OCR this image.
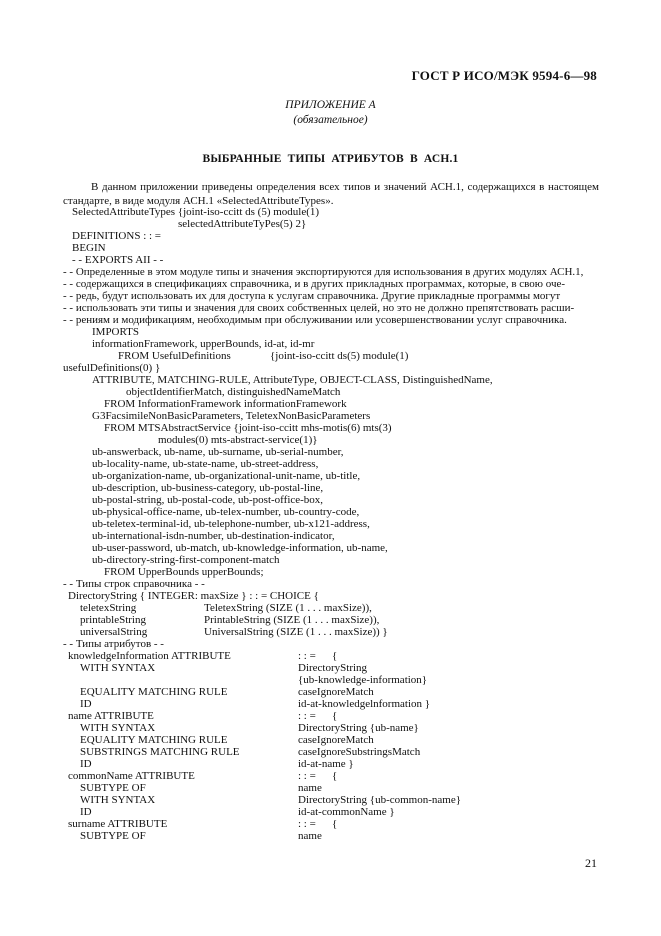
ГОСТ Р ИСО/МЭК 9594-6—98
ПРИЛОЖЕНИЕ А
(обязательное)
ВЫБРАННЫЕ ТИПЫ АТРИБУТОВ В АСН.1

В данном приложении приведены определения всех типов и значений АСН.1, содержащихся в настоящем стандарте, в виде модуля АСН.1 «SelectedAttributeTypes».

SelectedAttributeTypes {joint-iso-ccitt ds (5) module(1)
selectedAttributeTyPes(5) 2}
DEFINITIONS : : =
BEGIN
- - EXPORTS AII - -
- - Определенные в этом модуле типы и значения экспортируются для использования в других модулях АСН.1,
- - содержащихся в спецификациях справочника, и в других прикладных программах, которые, в свою оче-
- - редь, будут использовать их для доступа к услугам справочника. Другие прикладные программы могут
- - использовать эти типы и значения для своих собственных целей, но это не должно препятствовать расши-
- - рениям и модификациям, необходимым при обслуживании или усовершенствовании услуг справочника.
IMPORTS
informationFramework, upperBounds, id-at, id-mr
FROM UsefulDefinitions	{joint-iso-ccitt ds(5) module(1)
usefulDefinitions(0) }
ATTRIBUTE, MATCHING-RULE, AttributeType, OBJECT-CLASS, DistinguishedName,
objectIdentifierMatch, distinguishedNameMatch
FROM InformationFramework informationFramework
G3FacsimileNonBasicParameters, TeletexNonBasicParameters
FROM MTSAbstractService {joint-iso-ccitt mhs-motis(6) mts(3)
modules(0) mts-abstract-service(1)}
ub-answerback, ub-name, ub-surname, ub-serial-number,
ub-locality-name, ub-state-name, ub-street-address,
ub-organization-name, ub-organizational-unit-name, ub-title,
ub-description, ub-business-category, ub-postal-line,
ub-postal-string, ub-postal-code, ub-post-office-box,
ub-physical-office-name, ub-telex-number, ub-country-code,
ub-teletex-terminal-id, ub-telephone-number, ub-x121-address,
ub-international-isdn-number, ub-destination-indicator,
ub-user-password, ub-match, ub-knowledge-information, ub-name,
ub-directory-string-first-component-match
FROM UpperBounds upperBounds;
- - Типы строк справочника - -
DirectoryString { INTEGER: maxSize } : : = CHOICE {
teletexString	TeletexString (SIZE (1 . . . maxSize)),
printableString	PrintableString (SIZE (1 . . . maxSize)),
universalString	UniversalString (SIZE (1 . . . maxSize)) }
- - Типы атрибутов - -
knowledgeInformation ATTRIBUTE	: : = {
WITH SYNTAX	DirectoryString
{ub-knowledge-information}
EQUALITY MATCHING RULE	caseIgnoreMatch
ID	id-at-knowledgelnformation }
name ATTRIBUTE	: : = {
WITH SYNTAX	DirectoryString {ub-name}
EQUALITY MATCHING RULE	caseIgnoreMatch
SUBSTRINGS MATCHING RULE	caseIgnoreSubstringsMatch
ID	id-at-name }
commonName ATTRIBUTE	: : = {
SUBTYPE OF	name
WITH SYNTAX	DirectoryString {ub-common-name}
ID	id-at-commonName }
surname ATTRIBUTE	: : = {
SUBTYPE OF	name
21
